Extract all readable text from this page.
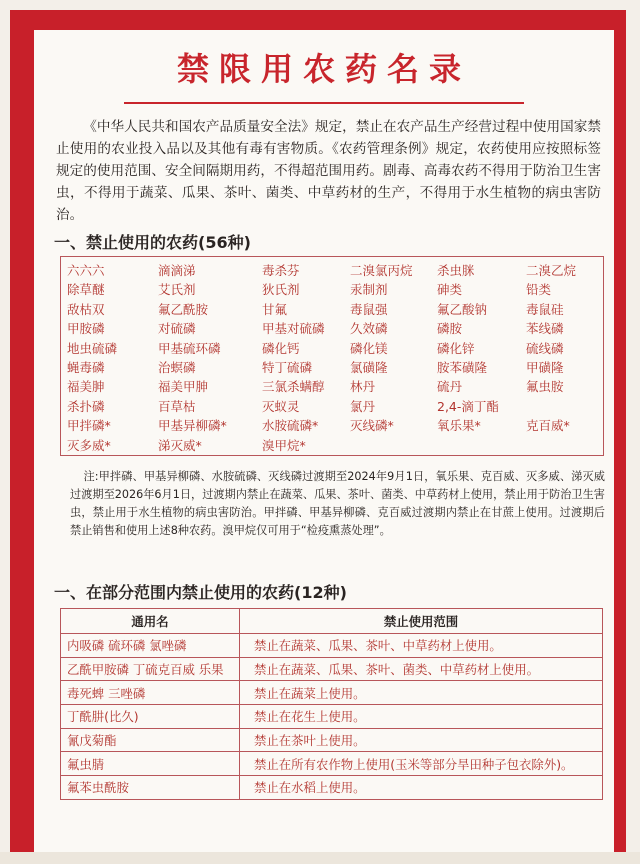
禁限用农药名录
《中华人民共和国农产品质量安全法》规定，禁止在农产品生产经营过程中使用国家禁止使用的农业投入品以及其他有毒有害物质。《农药管理条例》规定，农药使用应按照标签规定的使用范围、安全间隔期用药，不得超范围用药。剧毒、高毒农药不得用于防治卫生害虫，不得用于蔬菜、瓜果、茶叶、菌类、中草药材的生产，不得用于水生植物的病虫害防治。
一、禁止使用的农药(56种)
六六六	滴滴涕	毒杀芬	二溴氯丙烷	杀虫脒	二溴乙烷
除草醚	艾氏剂	狄氏剂	汞制剂	砷类	铅类
敌枯双	氟乙酰胺	甘氟	毒鼠强	氟乙酸钠	毒鼠硅
甲胺磷	对硫磷	甲基对硫磷	久效磷	磷胺	苯线磷
地虫硫磷	甲基硫环磷	磷化钙	磷化镁	磷化锌	硫线磷
蝇毒磷	治螟磷	特丁硫磷	氯磺隆	胺苯磺隆	甲磺隆
福美胂	福美甲胂	三氯杀螨醇	林丹	硫丹	氟虫胺
杀扑磷	百草枯	灭蚁灵	氯丹	2,4-滴丁酯
甲拌磷*	甲基异柳磷*	水胺硫磷*	灭线磷*	氧乐果*	克百威*
灭多威*	涕灭威*	溴甲烷*
注:甲拌磷、甲基异柳磷、水胺硫磷、灭线磷过渡期至2024年9月1日，氧乐果、克百威、灭多威、涕灭威过渡期至2026年6月1日，过渡期内禁止在蔬菜、瓜果、茶叶、菌类、中草药材上使用，禁止用于防治卫生害虫，禁止用于水生植物的病虫害防治。甲拌磷、甲基异柳磷、克百威过渡期内禁止在甘蔗上使用。过渡期后禁止销售和使用上述8种农药。溴甲烷仅可用于“检疫熏蒸处理”。
一、在部分范围内禁止使用的农药(12种)
通用名	禁止使用范围
内吸磷 硫环磷 氯唑磷	禁止在蔬菜、瓜果、茶叶、中草药材上使用。
乙酰甲胺磷 丁硫克百威 乐果	禁止在蔬菜、瓜果、茶叶、菌类、中草药材上使用。
毒死蜱 三唑磷	禁止在蔬菜上使用。
丁酰肼(比久)	禁止在花生上使用。
氰戊菊酯	禁止在茶叶上使用。
氟虫腈	禁止在所有农作物上使用(玉米等部分旱田种子包衣除外)。
氟苯虫酰胺	禁止在水稻上使用。
